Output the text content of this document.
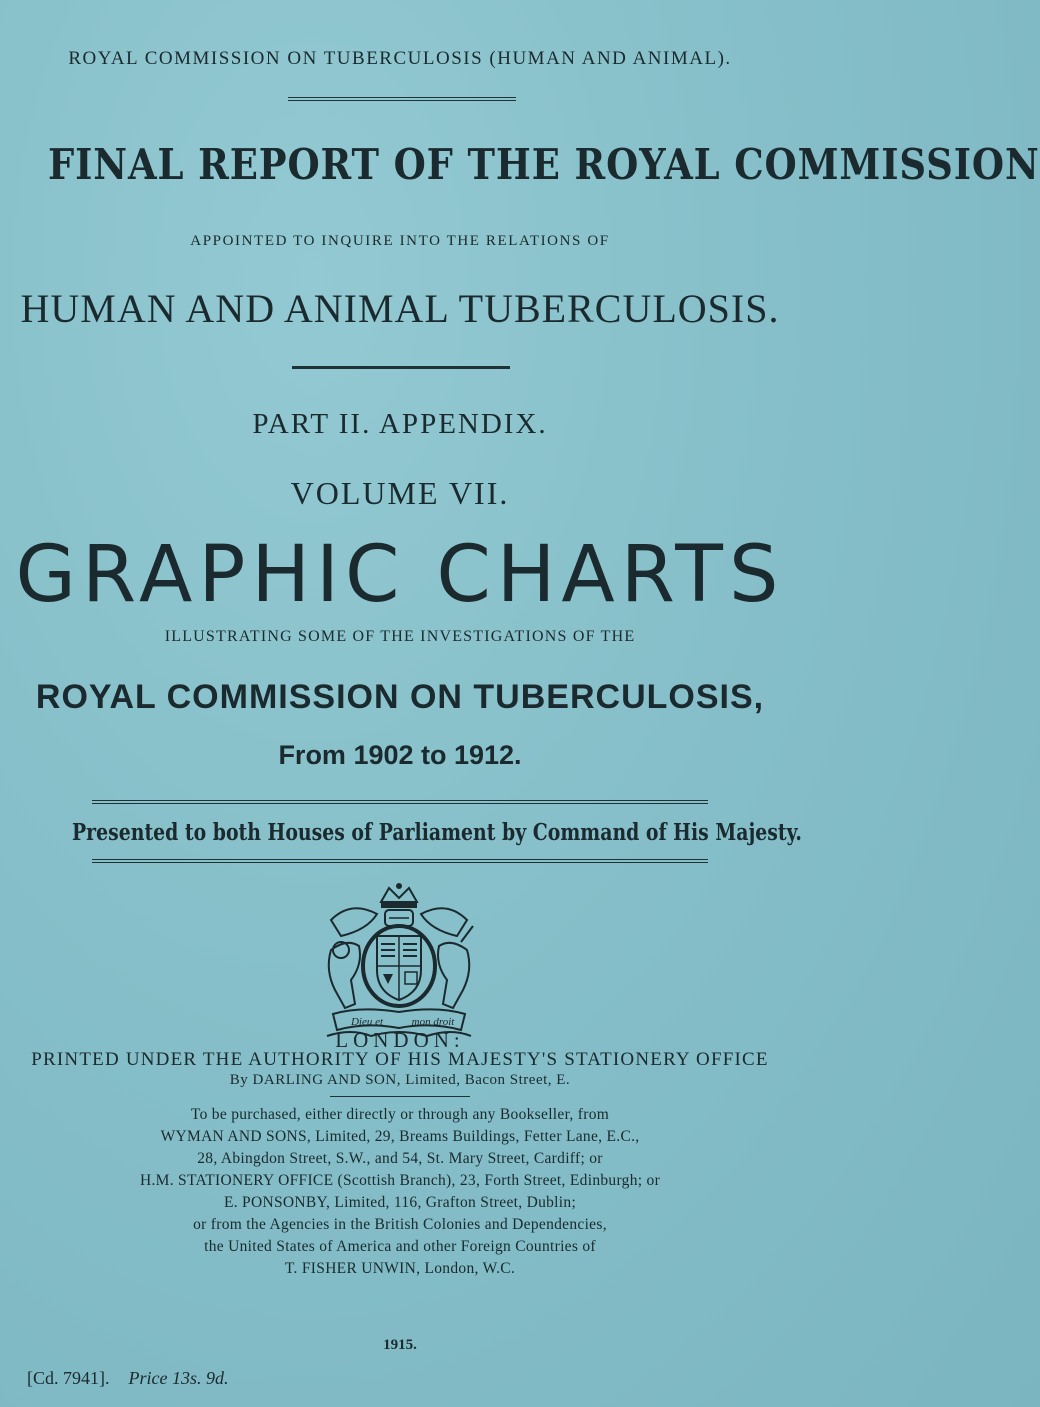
ROYAL COMMISSION ON TUBERCULOSIS (HUMAN AND ANIMAL).
FINAL REPORT OF THE ROYAL COMMISSION
APPOINTED TO INQUIRE INTO THE RELATIONS OF
HUMAN AND ANIMAL TUBERCULOSIS.
PART II. APPENDIX.
VOLUME VII.
GRAPHIC CHARTS
ILLUSTRATING SOME OF THE INVESTIGATIONS OF THE
ROYAL COMMISSION ON TUBERCULOSIS,
From 1902 to 1912.
Presented to both Houses of Parliament by Command of His Majesty.
Dieu et	mon droit
LONDON:
PRINTED UNDER THE AUTHORITY OF HIS MAJESTY'S STATIONERY OFFICE
By DARLING AND SON, Limited, Bacon Street, E.
To be purchased, either directly or through any Bookseller, from
WYMAN AND SONS, Limited, 29, Breams Buildings, Fetter Lane, E.C.,
28, Abingdon Street, S.W., and 54, St. Mary Street, Cardiff; or
H.M. STATIONERY OFFICE (Scottish Branch), 23, Forth Street, Edinburgh; or
E. PONSONBY, Limited, 116, Grafton Street, Dublin;
or from the Agencies in the British Colonies and Dependencies,
the United States of America and other Foreign Countries of
T. FISHER UNWIN, London, W.C.
1915.
[Cd. 7941]. Price 13s. 9d.
